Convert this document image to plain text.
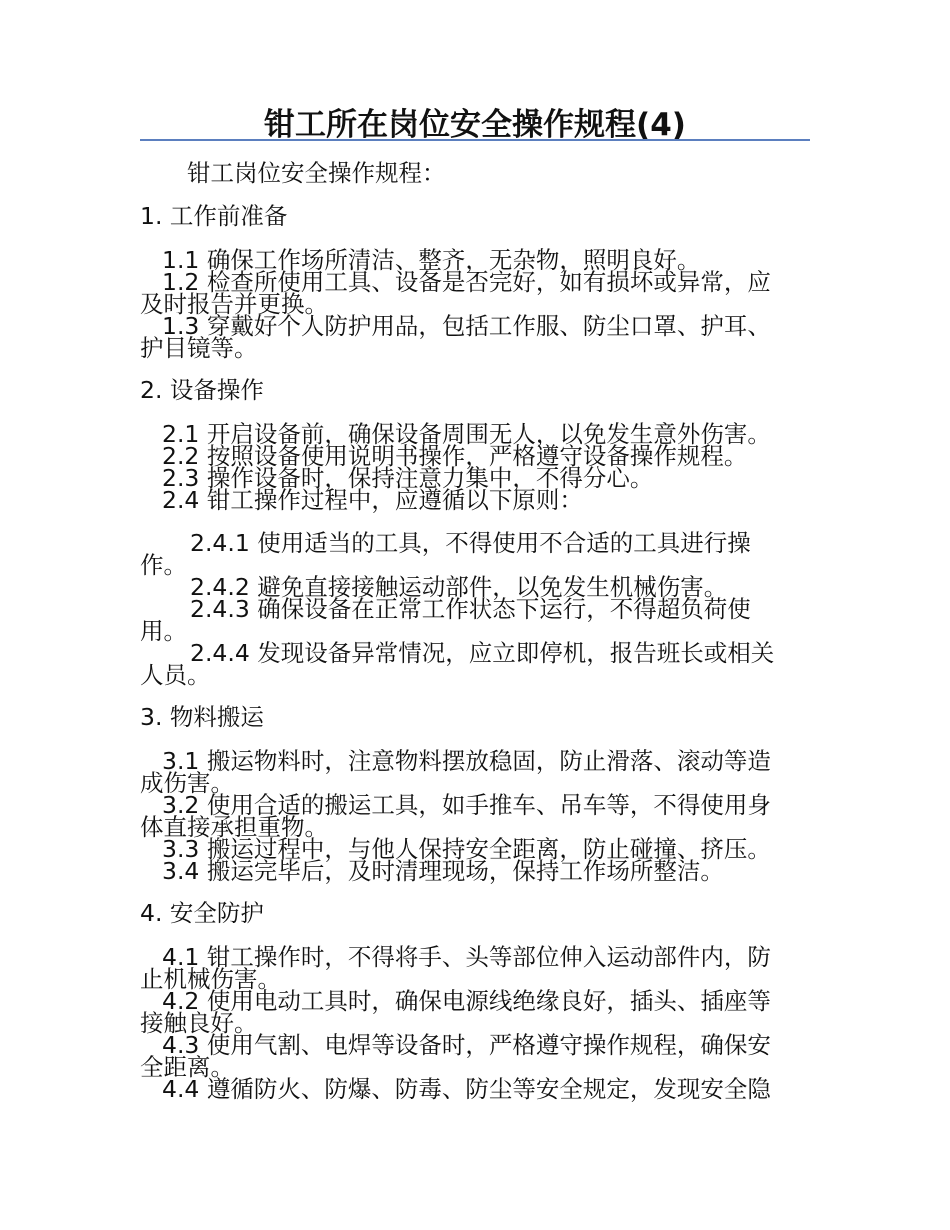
钳工所在岗位安全操作规程(4)
钳工岗位安全操作规程：
1. 工作前准备
1.1 确保工作场所清洁、整齐，无杂物，照明良好。
1.2 检查所使用工具、设备是否完好，如有损坏或异常，应
及时报告并更换。
1.3 穿戴好个人防护用品，包括工作服、防尘口罩、护耳、
护目镜等。
2. 设备操作
2.1 开启设备前，确保设备周围无人，以免发生意外伤害。
2.2 按照设备使用说明书操作，严格遵守设备操作规程。
2.3 操作设备时，保持注意力集中，不得分心。
2.4 钳工操作过程中，应遵循以下原则：
2.4.1 使用适当的工具，不得使用不合适的工具进行操
作。
2.4.2 避免直接接触运动部件，以免发生机械伤害。
2.4.3 确保设备在正常工作状态下运行，不得超负荷使
用。
2.4.4 发现设备异常情况，应立即停机，报告班长或相关
人员。
3. 物料搬运
3.1 搬运物料时，注意物料摆放稳固，防止滑落、滚动等造
成伤害。
3.2 使用合适的搬运工具，如手推车、吊车等，不得使用身
体直接承担重物。
3.3 搬运过程中，与他人保持安全距离，防止碰撞、挤压。
3.4 搬运完毕后，及时清理现场，保持工作场所整洁。
4. 安全防护
4.1 钳工操作时，不得将手、头等部位伸入运动部件内，防
止机械伤害。
4.2 使用电动工具时，确保电源线绝缘良好，插头、插座等
接触良好。
4.3 使用气割、电焊等设备时，严格遵守操作规程，确保安
全距离。
4.4 遵循防火、防爆、防毒、防尘等安全规定，发现安全隐
